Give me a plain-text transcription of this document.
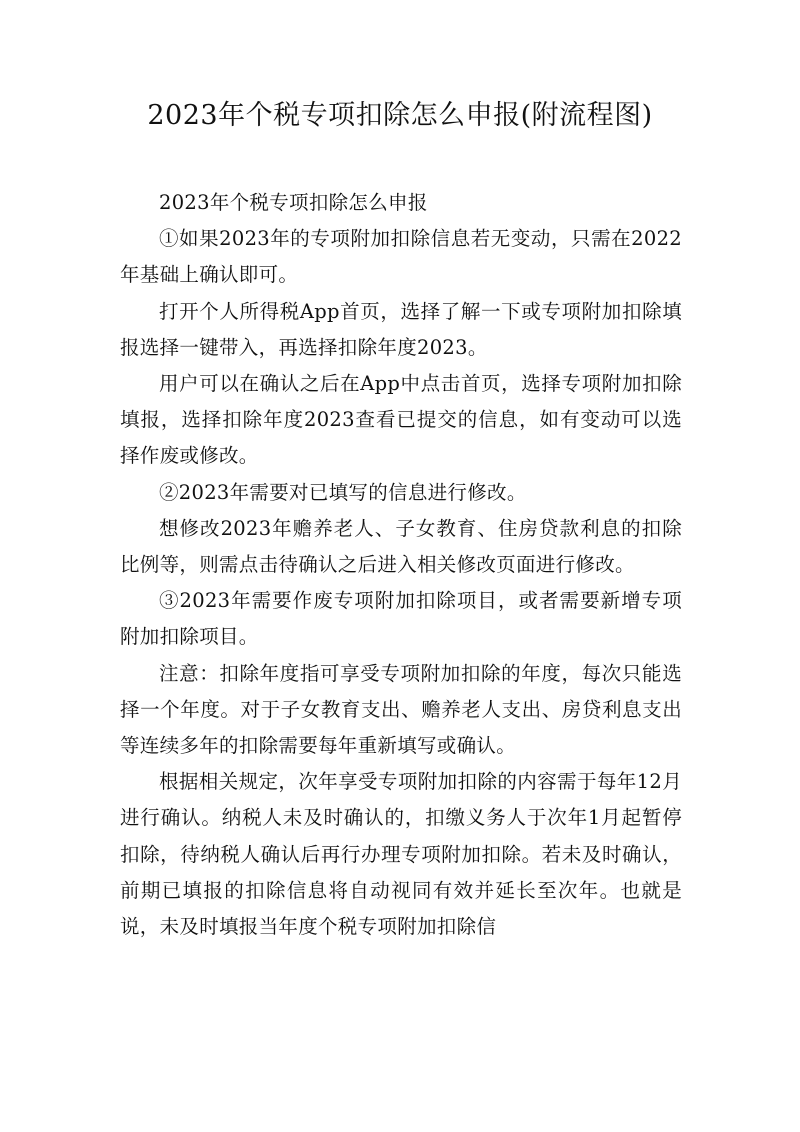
2023年个税专项扣除怎么申报(附流程图)

2023年个税专项扣除怎么申报

①如果2023年的专项附加扣除信息若无变动，只需在2022年基础上确认即可。

打开个人所得税App首页，选择了解一下或专项附加扣除填报选择一键带入，再选择扣除年度2023。

用户可以在确认之后在App中点击首页，选择专项附加扣除填报，选择扣除年度2023查看已提交的信息，如有变动可以选择作废或修改。

②2023年需要对已填写的信息进行修改。

想修改2023年赡养老人、子女教育、住房贷款利息的扣除比例等，则需点击待确认之后进入相关修改页面进行修改。

③2023年需要作废专项附加扣除项目，或者需要新增专项附加扣除项目。

注意：扣除年度指可享受专项附加扣除的年度，每次只能选择一个年度。对于子女教育支出、赡养老人支出、房贷利息支出等连续多年的扣除需要每年重新填写或确认。

根据相关规定，次年享受专项附加扣除的内容需于每年12月进行确认。纳税人未及时确认的，扣缴义务人于次年1月起暂停扣除，待纳税人确认后再行办理专项附加扣除。若未及时确认，前期已填报的扣除信息将自动视同有效并延长至次年。也就是说，未及时填报当年度个税专项附加扣除信
